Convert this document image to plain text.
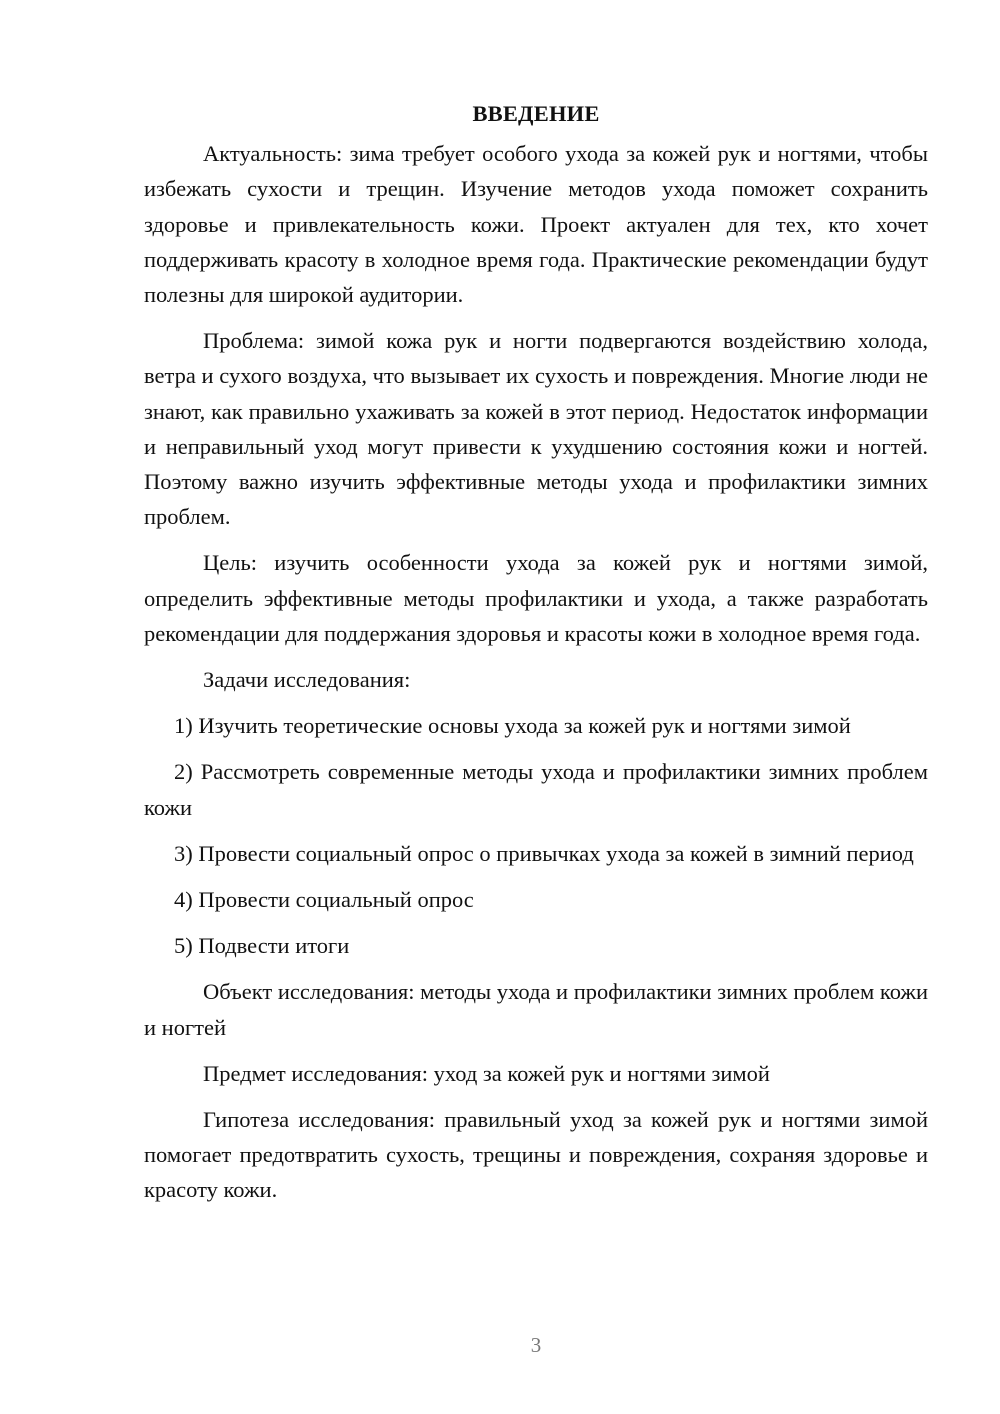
ВВЕДЕНИЕ

Актуальность: зима требует особого ухода за кожей рук и ногтями, чтобы избежать сухости и трещин. Изучение методов ухода поможет сохранить здоровье и привлекательность кожи. Проект актуален для тех, кто хочет поддерживать красоту в холодное время года. Практические рекомендации будут полезны для широкой аудитории.

Проблема: зимой кожа рук и ногти подвергаются воздействию холода, ветра и сухого воздуха, что вызывает их сухость и повреждения. Многие люди не знают, как правильно ухаживать за кожей в этот период. Недостаток информации и неправильный уход могут привести к ухудшению состояния кожи и ногтей. Поэтому важно изучить эффективные методы ухода и профилактики зимних проблем.

Цель: изучить особенности ухода за кожей рук и ногтями зимой, определить эффективные методы профилактики и ухода, а также разработать рекомендации для поддержания здоровья и красоты кожи в холодное время года.

Задачи исследования:

1) Изучить теоретические основы ухода за кожей рук и ногтями зимой

2) Рассмотреть современные методы ухода и профилактики зимних проблем кожи

3) Провести социальный опрос о привычках ухода за кожей в зимний период

4) Провести социальный опрос

5) Подвести итоги

Объект исследования: методы ухода и профилактики зимних проблем кожи и ногтей

Предмет исследования: уход за кожей рук и ногтями зимой

Гипотеза исследования: правильный уход за кожей рук и ногтями зимой помогает предотвратить сухость, трещины и повреждения, сохраняя здоровье и красоту кожи.

3
